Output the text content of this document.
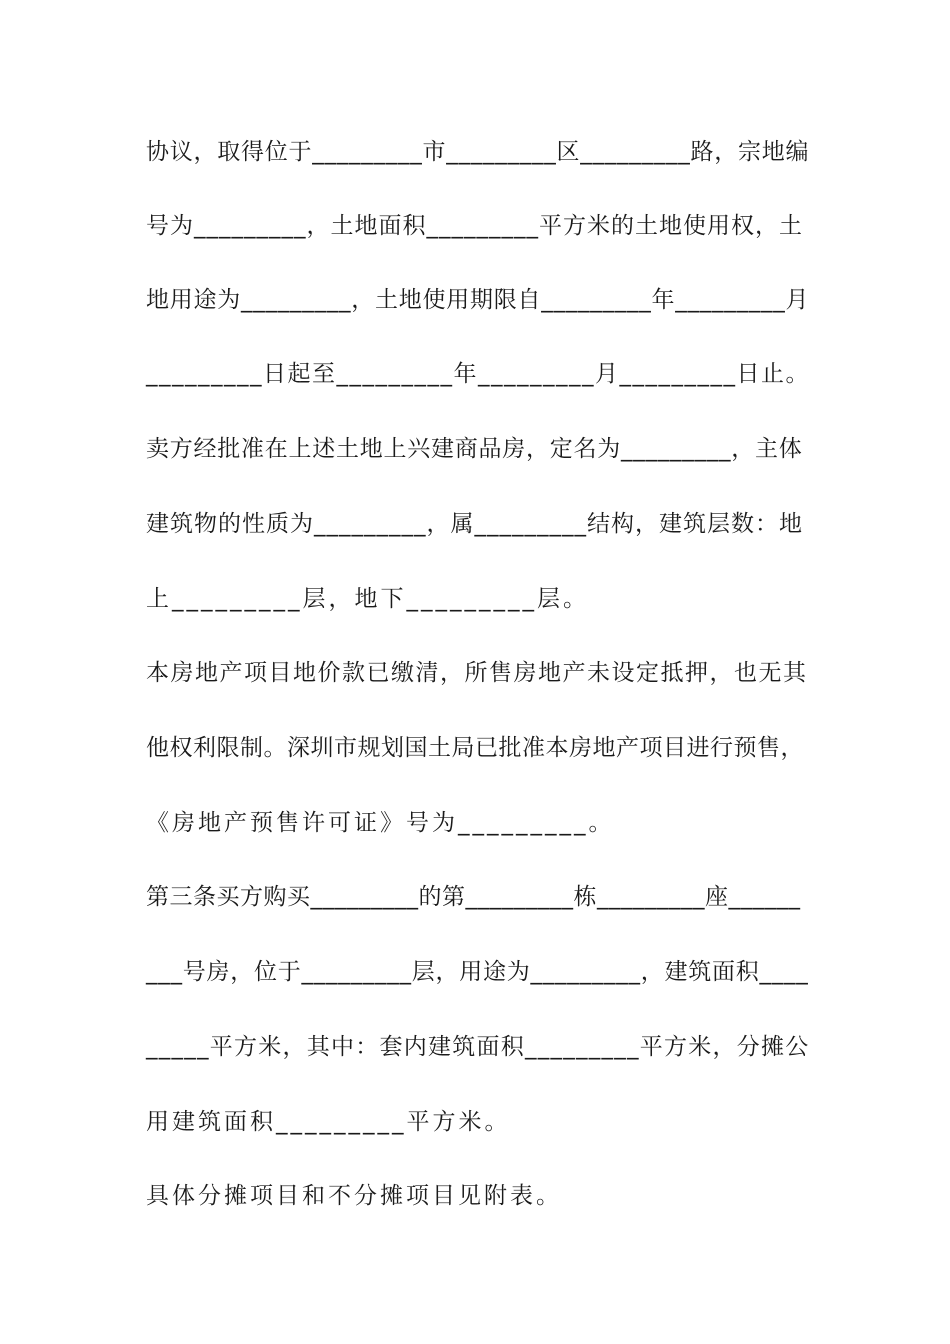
协议，取得位于_________市_________区_________路，宗地编
号为_________，土地面积_________平方米的土地使用权，土
地用途为_________，土地使用期限自_________年_________月
_________日起至_________年_________月_________日止。
卖方经批准在上述土地上兴建商品房，定名为_________，主体
建筑物的性质为_________，属_________结构，建筑层数：地
上_________层，地下_________层。
本房地产项目地价款已缴清，所售房地产未设定抵押，也无其
他权利限制。深圳市规划国土局已批准本房地产项目进行预售，
《房地产预售许可证》号为_________。
第三条买方购买_________的第_________栋_________座______
___号房，位于_________层，用途为_________，建筑面积____
_____平方米，其中：套内建筑面积_________平方米，分摊公
用建筑面积_________平方米。
具体分摊项目和不分摊项目见附表。
